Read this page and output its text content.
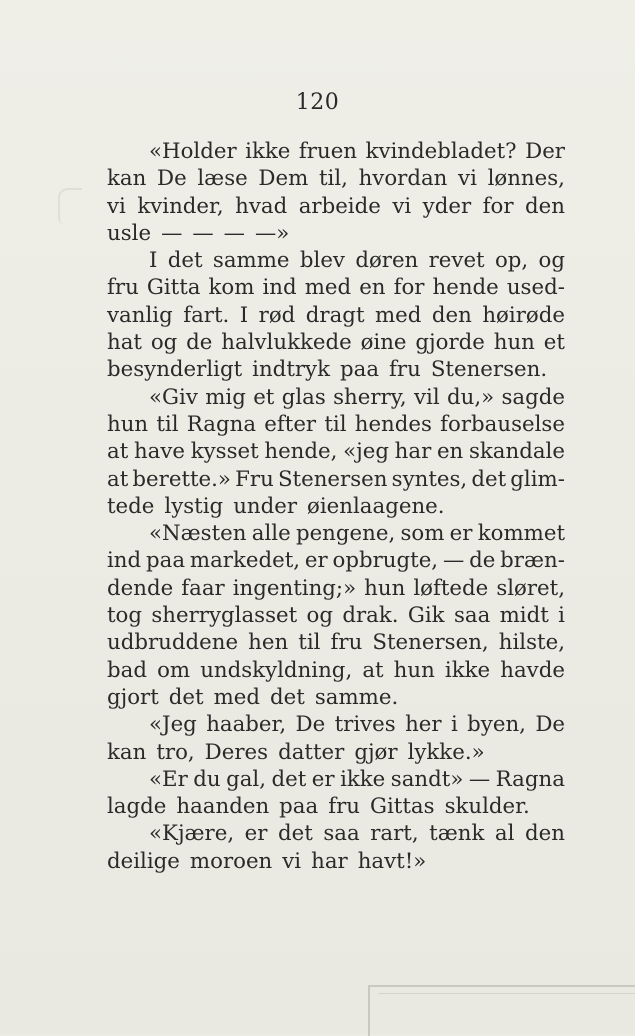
120
«Holder ikke fruen kvindebladet? Der
kan De læse Dem til, hvordan vi lønnes,
vi kvinder, hvad arbeide vi yder for den
usle — — — —»
I det samme blev døren revet op, og
fru Gitta kom ind med en for hende used-
vanlig fart. I rød dragt med den høirøde
hat og de halvlukkede øine gjorde hun et
besynderligt indtryk paa fru Stenersen.
«Giv mig et glas sherry, vil du,» sagde
hun til Ragna efter til hendes forbauselse
at have kysset hende, «jeg har en skandale
at berette.» Fru Stenersen syntes, det glim-
tede lystig under øienlaagene.
«Næsten alle pengene, som er kommet
ind paa markedet, er opbrugte, — de bræn-
dende faar ingenting;» hun løftede sløret,
tog sherryglasset og drak. Gik saa midt i
udbruddene hen til fru Stenersen, hilste,
bad om undskyldning, at hun ikke havde
gjort det med det samme.
«Jeg haaber, De trives her i byen, De
kan tro, Deres datter gjør lykke.»
«Er du gal, det er ikke sandt» — Ragna
lagde haanden paa fru Gittas skulder.
«Kjære, er det saa rart, tænk al den
deilige moroen vi har havt!»
